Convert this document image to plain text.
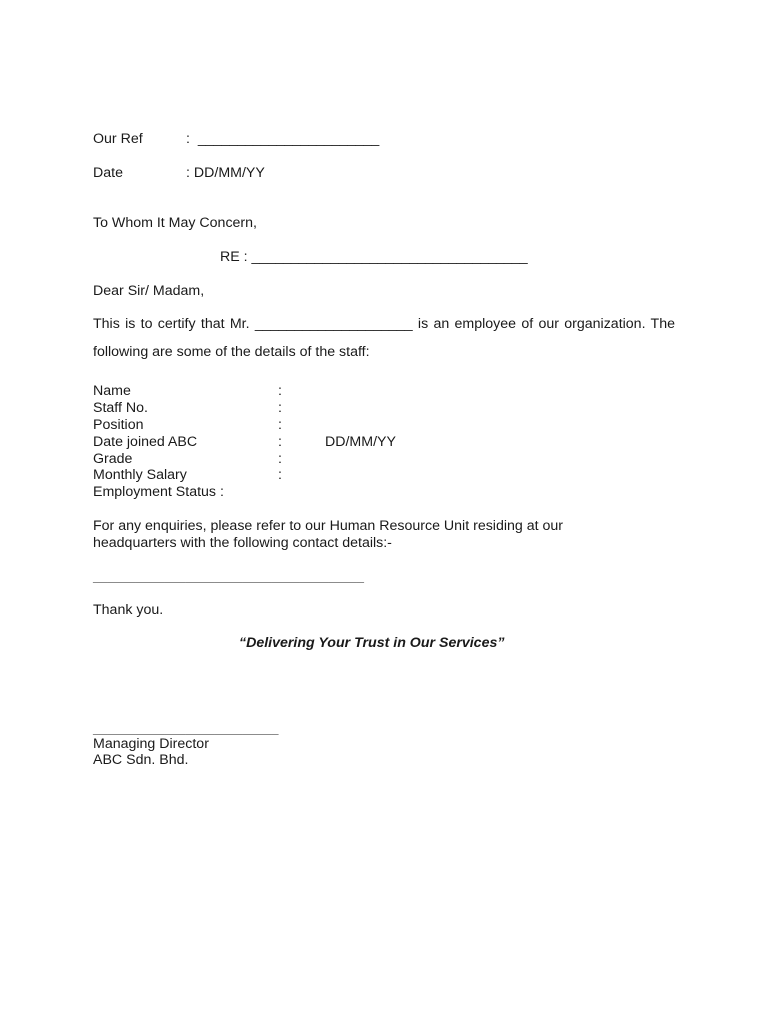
Our Ref	:  _______________________
Date	: DD/MM/YY
To Whom It May Concern,
RE : ___________________________________
Dear Sir/ Madam,
This is to certify that Mr. ____________________ is an employee of our organization. The following are some of the details of the staff:
Name	:
Staff No.	:
Position	:
Date joined ABC	:	DD/MM/YY
Grade	:
Monthly Salary	:
Employment Status :
For any enquiries, please refer to our Human Resource Unit residing at our
headquarters with the following contact details:-
______________________________________
Thank you.
“Delivering Your Trust in Our Services”
__________________________
Managing Director
ABC Sdn. Bhd.
